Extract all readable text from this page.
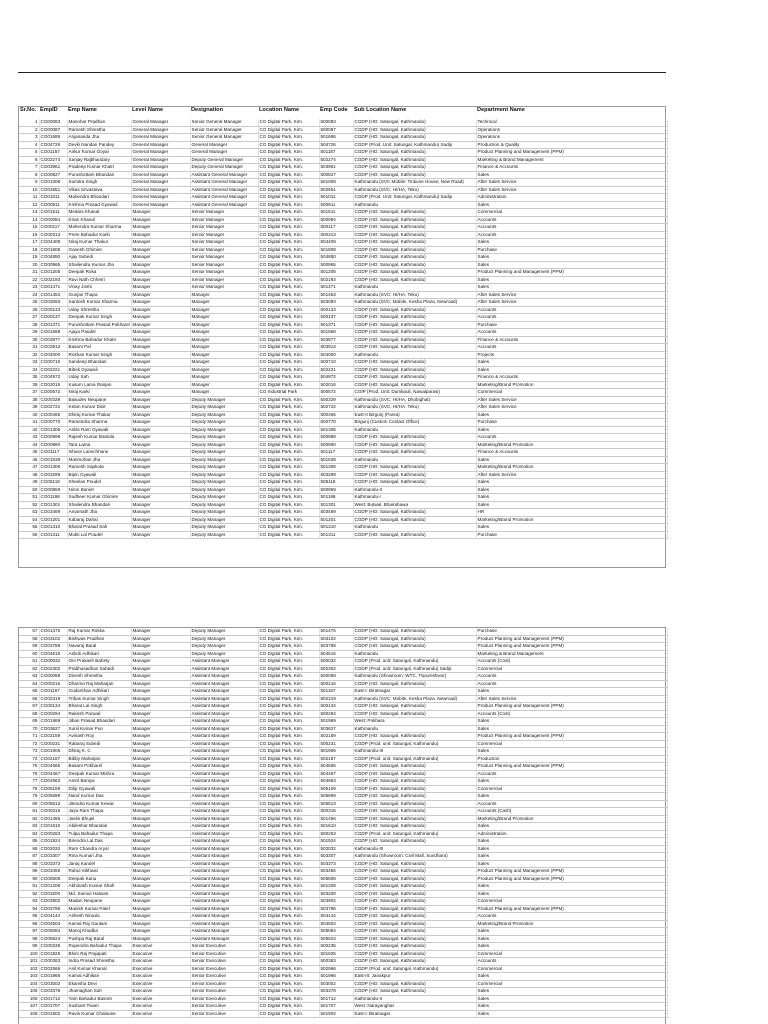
Sr.No.	EmpID	Emp Name	Level Name	Designation	Location Name	Emp Code	Sub Location Name	Department Name
1	CG00083	Manohar Pradhan	General Manager	Senior General Manager	CG Digital Park, Kirn.	500083	CGDP (HO: Satungal, Kathmandu)	Technical
2	CG00087	Ramesh Shrestha	General Manager	Senior General Manager	CG Digital Park, Kirn.	500087	CGDP (HO: Satungal, Kathmandu)	Operations
3	CG01686	Anjananda Jha	General Manager	Senior General Manager	CG Digital Park, Kirn.	501686	CGDP (HO: Satungal, Kathmandu)	Operations
4	CG04726	Devki Nandan Pandey	General Manager	General Manager	CG Digital Park, Kirn.	504726	CGDP (Prod. Unit: Satungal, Kathmandu) Sadip	Production & Quality
5	CG01187	Ankur Kumar Goyal	General Manager	General Manager	CG Digital Park, Kirn.	501187	CGDP (HO: Satungal, Kathmandu)	Product Planning and Management (PPM)
6	CG02274	Sanjay Rajbhandary	General Manager	Deputy General Manager	CG Digital Park, Kirn.	502274	CGDP (HO: Satungal, Kathmandu)	Marketing & Brand Management
7	CG03961	Pradeep Kumar Khatri	General Manager	Deputy General Manager	CG Digital Park, Kirn.	503961	CGDP (HO: Satungal, Kathmandu)	Finance & Accounts
8	CG00827	Purushottam Bhandari	General Manager	Assistant General Manager	CG Digital Park, Kirn.	500827	CGDP (HO: Satungal, Kathmandu)	Sales
9	CG01008	Sumitra Singh	General Manager	Assistant General Manager	CG Digital Park, Kirn.	501008	Kathmandu (SVC Mobile: Tinkune House, New Road)	After Sales Service
10	CG02651	Vikas Srivastava	General Manager	Assistant General Manager	CG Digital Park, Kirn.	502651	Kathmandu (SVC: HI/HA, Teku)	After Sales Service
11	CG01011	Mahendra Bhandari	General Manager	Assistant General Manager	CG Digital Park, Kirn.	501011	CGDP (Prod. Unit: Satungal, Kathmandu) Sadip	Administration
12	CG00911	Krishna Prasad Gyawali	General Manager	Assistant General Manager	CG Digital Park, Kirn.	500911	Kathmandu	Sales
13	CG01511	Medani Khanal	Manager	Senior Manager	CG Digital Park, Kirn.	501511	CGDP (HO: Satungal, Kathmandu)	Commercial
14	CG00084	Kiran Khanal	Manager	Senior Manager	CG Digital Park, Kirn.	500084	CGDP (HO: Satungal, Kathmandu)	Accounts
15	CG00117	Mahendra Kumar Sharma	Manager	Senior Manager	CG Digital Park, Kirn.	500117	CGDP (HO: Satungal, Kathmandu)	Accounts
16	CG00313	Prem Bahadur Karki	Manager	Senior Manager	CG Digital Park, Kirn.	500313	CGDP (HO: Satungal, Kathmandu)	Accounts
17	CG04409	Niraj Kumar Thakur	Manager	Senior Manager	CG Digital Park, Kirn.	504409	CGDP (HO: Satungal, Kathmandu)	Sales
18	CG01808	Ganesh Ghimire	Manager	Senior Manager	CG Digital Park, Kirn.	501808	CGDP (HO: Satungal, Kathmandu)	Purchase
19	CG04850	Ajay Subedi	Manager	Senior Manager	CG Digital Park, Kirn.	504850	CGDP (HO: Satungal, Kathmandu)	Sales
20	CG00965	Shailendra Kumar Jha	Manager	Senior Manager	CG Digital Park, Kirn.	500965	CGDP (HO: Satungal, Kathmandu)	Sales
21	CG01205	Deepak Roka	Manager	Senior Manager	CG Digital Park, Kirn.	501205	CGDP (HO: Satungal, Kathmandu)	Product Planning and Management (PPM)
22	CG02193	Ravi Nath Chhetri	Manager	Senior Manager	CG Digital Park, Kirn.	502193	CGDP (HO: Satungal, Kathmandu)	Sales
23	CG01471	Vinay Joshi	Manager	Senior Manager	CG Digital Park, Kirn.	501471	Kathmandu	Sales
24	CG01453	Gunjan Thapa	Manager	Manager	CG Digital Park, Kirn.	501453	Kathmandu (SVC: HI/HA, Teku)	After Sales Service
25	CG03093	Santosh Kumar Sharma	Manager	Manager	CG Digital Park, Kirn.	503093	Kathmandu (SVC: Mobile, Kesha Plaza, Newroad)	After Sales Service
26	CG00133	Uday Shrestha	Manager	Manager	CG Digital Park, Kirn.	500133	CGDP (HO: Satungal, Kathmandu)	Accounts
27	CG00137	Deepak Kumar Singh	Manager	Manager	CG Digital Park, Kirn.	500137	CGDP (HO: Satungal, Kathmandu)	Accounts
28	CG01371	Purushottam Prasad Pokharel	Manager	Manager	CG Digital Park, Kirn.	501371	CGDP (HO: Satungal, Kathmandu)	Purchase
29	CG01568	Ajaya Paudel	Manager	Manager	CG Digital Park, Kirn.	501568	CGDP (HO: Satungal, Kathmandu)	Accounts
30	CG03877	Krishna Bahadur Khatri	Manager	Manager	CG Digital Park, Kirn.	503877	CGDP (HO: Satungal, Kathmandu)	Finance & Accounts
31	CG03913	Basant Pal	Manager	Manager	CG Digital Park, Kirn.	503913	CGDP (HO: Satungal, Kathmandu)	Accounts
32	CG04000	Roshan Kumar Singh	Manager	Manager	CG Digital Park, Kirn.	504000	Kathmandu	Projects
33	CG00710	Sandeep Bhandari	Manager	Manager	CG Digital Park, Kirn.	500710	CGDP (HO: Satungal, Kathmandu)	Sales
34	CG02221	Bibek Gyawali	Manager	Manager	CG Digital Park, Kirn.	502221	CGDP (HO: Satungal, Kathmandu)	Sales
35	CG04972	Uday Sah	Manager	Manager	CG Digital Park, Kirn.	504972	CGDP (HO: Satungal, Kathmandu)	Finance & Accounts
36	CG02016	Kusum Lama Ranjan	Manager	Manager	CG Digital Park, Kirn.	502016	CGDP (HO: Satungal, Kathmandu)	Marketing/Brand Promotion
37	CG00572	Niraj Karki	Manager	Manager	CG Industrial Park	500572	CGIP (Prod. Unit: Dumkauli, Nawalparasi)	Commercial
38	CG00329	Basudev Neupane	Manager	Deputy Manager	CG Digital Park, Kirn.	500329	Kathmandu (SVC: HI/HA, Dhobighat)	After Sales Service
39	CG02722	Ketan Kumar Dixit	Manager	Deputy Manager	CG Digital Park, Kirn.	502722	Kathmandu (SVC: HI/HA, Teku)	After Sales Service
40	CG00465	Dhiraj Kumar Thakur	Manager	Deputy Manager	CG Digital Park, Kirn.	500465	East-II Birgunj (Parsa)	Sales
41	CG00770	Ramendra Sharma	Manager	Deputy Manager	CG Digital Park, Kirn.	500770	Birgunj (Custom Contact Office)	Purchase
42	CG01305	Ashis Ram Gyawali	Manager	Deputy Manager	CG Digital Park, Kirn.	501305	Kathmandu	Sales
43	CG00998	Rajesh Kumar Bastola	Manager	Deputy Manager	CG Digital Park, Kirn.	500998	CGDP (HO: Satungal, Kathmandu)	Accounts
44	CG00960	Tara Lama	Manager	Deputy Manager	CG Digital Park, Kirn.	500960	CGDP (HO: Satungal, Kathmandu)	Marketing/Brand Promotion
45	CG01117	Ishwor Lamichhane	Manager	Deputy Manager	CG Digital Park, Kirn.	501117	CGDP (HO: Satungal, Kathmandu)	Finance & Accounts
46	CG01539	Manmohan Jha	Manager	Deputy Manager	CG Digital Park, Kirn.	501539	Kathmandu	Sales
47	CG01306	Ramesh Sapkota	Manager	Deputy Manager	CG Digital Park, Kirn.	501306	CGDP (HO: Satungal, Kathmandu)	Marketing/Brand Promotion
48	CG03299	Bipin Gyawali	Manager	Deputy Manager	CG Digital Park, Kirn.	503299	CGDP (HO: Satungal, Kathmandu)	After Sales Service
49	CG05118	Sheelan Poudel	Manager	Deputy Manager	CG Digital Park, Kirn.	505118	CGDP (HO: Satungal, Kathmandu)	Sales
50	CG00959	Niron Baniet	Manager	Deputy Manager	CG Digital Park, Kirn.	500959	Kathmandu-II	Sales
51	CG01198	Sudheer Kumar Ghimire	Manager	Deputy Manager	CG Digital Park, Kirn.	501198	Kathmandu-I	Sales
52	CG01301	Shailendra Bhandari	Manager	Deputy Manager	CG Digital Park, Kirn.	501301	West: Butwal, Bhairahawa	Sales
53	CG03469	Amarnath Jha	Manager	Deputy Manager	CG Digital Park, Kirn.	503469	CGDP (HO: Satungal, Kathmandu)	HR
54	CG01201	Kabaraj Dahal	Manager	Deputy Manager	CG Digital Park, Kirn.	501201	CGDP (HO: Satungal, Kathmandu)	Marketing/Brand Promotion
55	CG01310	Bharat Prasad Sah	Manager	Deputy Manager	CG Digital Park, Kirn.	501310	Kathmandu	Sales
56	CG01311	Mukti Lal Poudel	Manager	Deputy Manager	CG Digital Park, Kirn.	501311	CGDP (HO: Satungal, Kathmandu)	Purchase
57	CG01475	Raj Kumar Rokka	Manager	Deputy Manager	CG Digital Park, Kirn.	501475	CGDP (HO: Satungal, Kathmandu)	Purchase
58	CG03102	Bishwas Pradhan	Manager	Deputy Manager	CG Digital Park, Kirn.	503102	CGDP (HO: Satungal, Kathmandu)	Product Planning and Management (PPM)
59	CG03788	Navaraj Baral	Manager	Deputy Manager	CG Digital Park, Kirn.	503788	CGDP (HO: Satungal, Kathmandu)	Product Planning and Management (PPM)
60	CG04515	Ashok Adhikari	Manager	Deputy Manager	CG Digital Park, Kirn.	504515	Kathmandu	Marketing & Brand Management
61	CG00032	Om Prakash Bahety	Manager	Assistant Manager	CG Digital Park, Kirn.	500032	CGDP (Prod. unit: Satungal, Kathmandu)	Accounts (Cost)
62	CG02302	Prabhusadhan Subedi	Manager	Assistant Manager	CG Digital Park, Kirn.	502302	CGDP (Prod. unit: Satungal, Kathmandu) Sadip	Commercial
63	CG00068	Dinesh Shrestha	Manager	Assistant Manager	CG Digital Park, Kirn.	500068	Kathmandu (Showroom: WTC, Tripureshwor)	Accounts
64	CG00216	Dharma Raj Maharjan	Manager	Assistant Manager	CG Digital Park, Kirn.	500216	CGDP (HO: Satungal, Kathmandu)	Accounts
65	CG01167	Gudarshan Adhikari	Manager	Assistant Manager	CG Digital Park, Kirn.	501167	East-I: Biratnagar	Sales
66	CG02319	Tribas Kumar Singh	Manager	Assistant Manager	CG Digital Park, Kirn.	502319	Kathmandu (SVC: Mobile, Kesha Plaza, Newroad)	After Sales Service
67	CG00134	Bharat Lal Singh	Manager	Assistant Manager	CG Digital Park, Kirn.	500134	CGDP (HO: Satungal, Kathmandu)	Product Planning and Management (PPM)
68	CG00294	Rakesh Panwal	Manager	Assistant Manager	CG Digital Park, Kirn.	500294	CGDP (HO: Satungal, Kathmandu)	Accounts (Cost)
69	CG01969	Jiban Prasad Bhandari	Manager	Assistant Manager	CG Digital Park, Kirn.	501969	West: Pokhara	Sales
70	CG03627	Sunil Kumar Pun	Manager	Assistant Manager	CG Digital Park, Kirn.	503627	Kathmandu	Sales
71	CG02159	Avinash Roy	Manager	Assistant Manager	CG Digital Park, Kirn.	502159	CGDP (HO: Satungal, Kathmandu)	Product Planning and Management (PPM)
72	CG00231	Rabaraj Subedi	Manager	Assistant Manager	CG Digital Park, Kirn.	500231	CGDP (Prod. unit: Satungal, Kathmandu)	Commercial
73	CG01906	Dhiraj K. C	Manager	Assistant Manager	CG Digital Park, Kirn.	501906	Kathmandu-III	Sales
74	CG02187	Bibby Maharjan	Manager	Assistant Manager	CG Digital Park, Kirn.	502187	CGDP (Prod. unit: Satungal, Kathmandu)	Production
75	CG04665	Basant Pokharel	Manager	Assistant Manager	CG Digital Park, Kirn.	504665	CGDP (HO: Satungal, Kathmandu)	Product Planning and Management (PPM)
76	CG04467	Deepak Kumar Mishra	Manager	Assistant Manager	CG Digital Park, Kirn.	504467	CGDP (HO: Satungal, Kathmandu)	Accounts
77	CG04963	Amrit Baniya	Manager	Assistant Manager	CG Digital Park, Kirn.	504963	CGDP (HO: Satungal, Kathmandu)	Sales
78	CG05159	Dilip Gyawali	Manager	Assistant Manager	CG Digital Park, Kirn.	505159	CGDP (HO: Satungal, Kathmandu)	Commercial
79	CG05699	Nand Kumar Das	Manager	Assistant Manager	CG Digital Park, Kirn.	505699	CGDP (HO: Satungal, Kathmandu)	Sales
80	CG05513	Jitendra Kumar Kewat	Manager	Assistant Manager	CG Digital Park, Kirn.	505513	CGDP (HO: Satungal, Kathmandu)	Accounts
81	CG00316	Jaya Ram Thapa	Manager	Assistant Manager	CG Digital Park, Kirn.	500316	CGDP (HO: Satungal, Kathmandu)	Accounts (Cash)
82	CG01456	Jaslin Bhujel	Manager	Assistant Manager	CG Digital Park, Kirn.	501456	CGDP (HO: Satungal, Kathmandu)	Marketing/Brand Promotion
83	CG01610	Abileshar Bhandari	Manager	Assistant Manager	CG Digital Park, Kirn.	501610	CGDP (HO: Satungal, Kathmandu)	Sales
84	CG00263	Tulpa Bahadur Thapa	Manager	Assistant Manager	CG Digital Park, Kirn.	500263	CGDP (Prod. unit: Satungal, Kathmandu)	Administration
85	CG01924	Birendra Lal Das	Manager	Assistant Manager	CG Digital Park, Kirn.	501924	CGDP (HO: Satungal, Kathmandu)	Sales
86	CG02032	Ram Chandra Aryal	Manager	Assistant Manager	CG Digital Park, Kirn.	502032	Kathmandu-III	Sales
87	CG03307	Rina Kumari Jha	Manager	Assistant Manager	CG Digital Park, Kirn.	503307	Kathmandu (Showroom: Civil Mall, Sundhara)	Sales
88	CG03373	Janaj Kandel	Manager	Assistant Manager	CG Digital Park, Kirn.	503373	CGDP (HO: Satungal, Kathmandu)	Sales
89	CG03455	Rahul Sikhwal	Manager	Assistant Manager	CG Digital Park, Kirn.	503455	CGDP (HO: Satungal, Kathmandu)	Product Planning and Management (PPM)
90	CG05506	Deepak Kanu	Manager	Assistant Manager	CG Digital Park, Kirn.	505506	CGDP (HO: Satungal, Kathmandu)	Product Planning and Management (PPM)
91	CG01208	Abhinash Kumar Shah	Manager	Assistant Manager	CG Digital Park, Kirn.	501208	CGDP (HO: Satungal, Kathmandu)	Sales
92	CG03200	Md. Samiul Hassan	Manager	Assistant Manager	CG Digital Park, Kirn.	503200	CGDP (HO: Satungal, Kathmandu)	Sales
93	CG03902	Madan Neupane	Manager	Assistant Manager	CG Digital Park, Kirn.	503902	CGDP (HO: Satungal, Kathmandu)	Commercial
94	CG03796	Manish Kumar Patel	Manager	Assistant Manager	CG Digital Park, Kirn.	503796	CGDP (HO: Satungal, Kathmandu)	Product Planning and Management (PPM)
95	CG04144	Ashesh Niraula	Manager	Assistant Manager	CG Digital Park, Kirn.	504144	CGDP (HO: Satungal, Kathmandu)	Accounts
96	CG04504	Kamal Raj Gautam	Manager	Assistant Manager	CG Digital Park, Kirn.	504504	CGDP (HO: Satungal, Kathmandu)	Marketing/Brand Promotion
97	CG05084	Manoj Khadka	Manager	Assistant Manager	CG Digital Park, Kirn.	505084	CGDP (HO: Satungal, Kathmandu)	Sales
98	CG05623	Pushpa Raj Baral	Manager	Assistant Manager	CG Digital Park, Kirn.	505623	CGDP (HO: Satungal, Kathmandu)	Sales
99	CG00235	Rupendra Bahadur Thapa	Executive	Senior Executive	CG Digital Park, Kirn.	500235	CGDP (HO: Satungal, Kathmandu)	Sales
100	CG01925	Bhim Raj Prajapati	Executive	Senior Executive	CG Digital Park, Kirn.	501925	CGDP (HO: Satungal, Kathmandu)	Commercial
101	CG00363	Indra Prasad Shrestha	Executive	Senior Executive	CG Digital Park, Kirn.	500363	CGDP (HO: Satungal, Kathmandu)	Accounts
102	CG02566	Anil Kumar Khanal	Executive	Senior Executive	CG Digital Park, Kirn.	502566	CGDP (Prod. unit: Satungal, Kathmandu)	Commercial
103	CG01966	Kamal Adhikari	Executive	Senior Executive	CG Digital Park, Kirn.	501966	East-III: Janakpur	Sales
104	CG03002	Ekansha Devi	Executive	Senior Executive	CG Digital Park, Kirn.	503002	CGDP (HO: Satungal, Kathmandu)	Commercial
105	CG03378	Jhamaghan Sah	Executive	Senior Executive	CG Digital Park, Kirn.	503378	CGDP (HO: Satungal, Kathmandu)	Sales
106	CG01712	Yam Bahadur Basnet	Executive	Senior Executive	CG Digital Park, Kirn.	501712	Kathmandu-II	Sales
107	CG01707	Sushant Tiwari	Executive	Senior Executive	CG Digital Park, Kirn.	501707	West: Narayanghat	Sales
108	CG01902	Ravis Kumar Chalaune	Executive	Senior Executive	CG Digital Park, Kirn.	501902	East-I: Biratnagar	Sales
